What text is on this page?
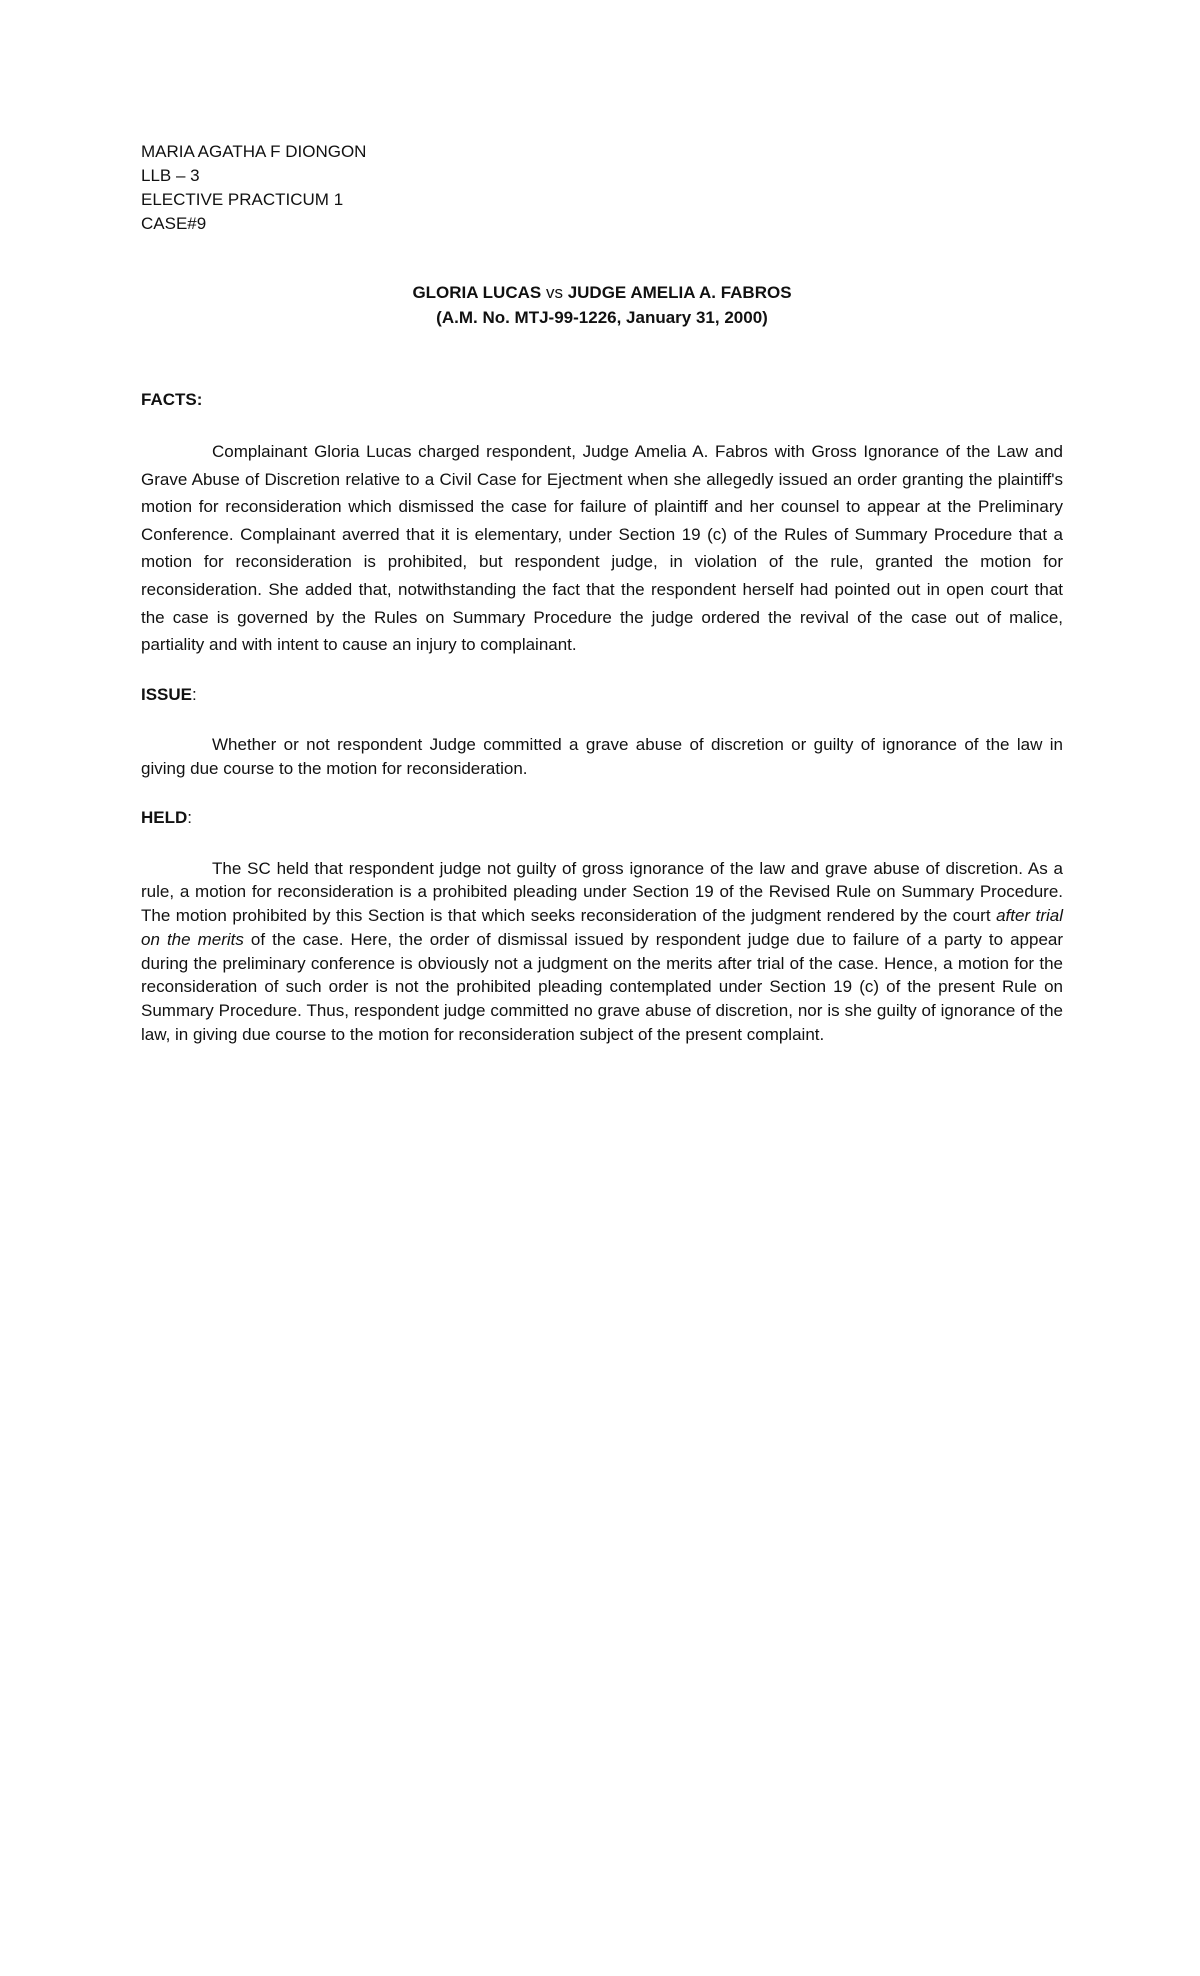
MARIA AGATHA F DIONGON

LLB – 3

ELECTIVE PRACTICUM 1

CASE#9

GLORIA LUCAS vs JUDGE AMELIA A. FABROS
(A.M. No. MTJ-99-1226, January 31, 2000)

FACTS:

Complainant Gloria Lucas charged respondent, Judge Amelia A. Fabros with Gross Ignorance of the Law and Grave Abuse of Discretion relative to a Civil Case for Ejectment when she allegedly issued an order granting the plaintiff's motion for reconsideration which dismissed the case for failure of plaintiff and her counsel to appear at the Preliminary Conference. Complainant averred that it is elementary, under Section 19 (c) of the Rules of Summary Procedure that a motion for reconsideration is prohibited, but respondent judge, in violation of the rule, granted the motion for reconsideration. She added that, notwithstanding the fact that the respondent herself had pointed out in open court that the case is governed by the Rules on Summary Procedure the judge ordered the revival of the case out of malice, partiality and with intent to cause an injury to complainant.

ISSUE:

Whether or not respondent Judge committed a grave abuse of discretion or guilty of ignorance of the law in giving due course to the motion for reconsideration.

HELD:

The SC held that respondent judge not guilty of gross ignorance of the law and grave abuse of discretion. As a rule, a motion for reconsideration is a prohibited pleading under Section 19 of the Revised Rule on Summary Procedure. The motion prohibited by this Section is that which seeks reconsideration of the judgment rendered by the court after trial on the merits of the case. Here, the order of dismissal issued by respondent judge due to failure of a party to appear during the preliminary conference is obviously not a judgment on the merits after trial of the case. Hence, a motion for the reconsideration of such order is not the prohibited pleading contemplated under Section 19 (c) of the present Rule on Summary Procedure. Thus, respondent judge committed no grave abuse of discretion, nor is she guilty of ignorance of the law, in giving due course to the motion for reconsideration subject of the present complaint.
